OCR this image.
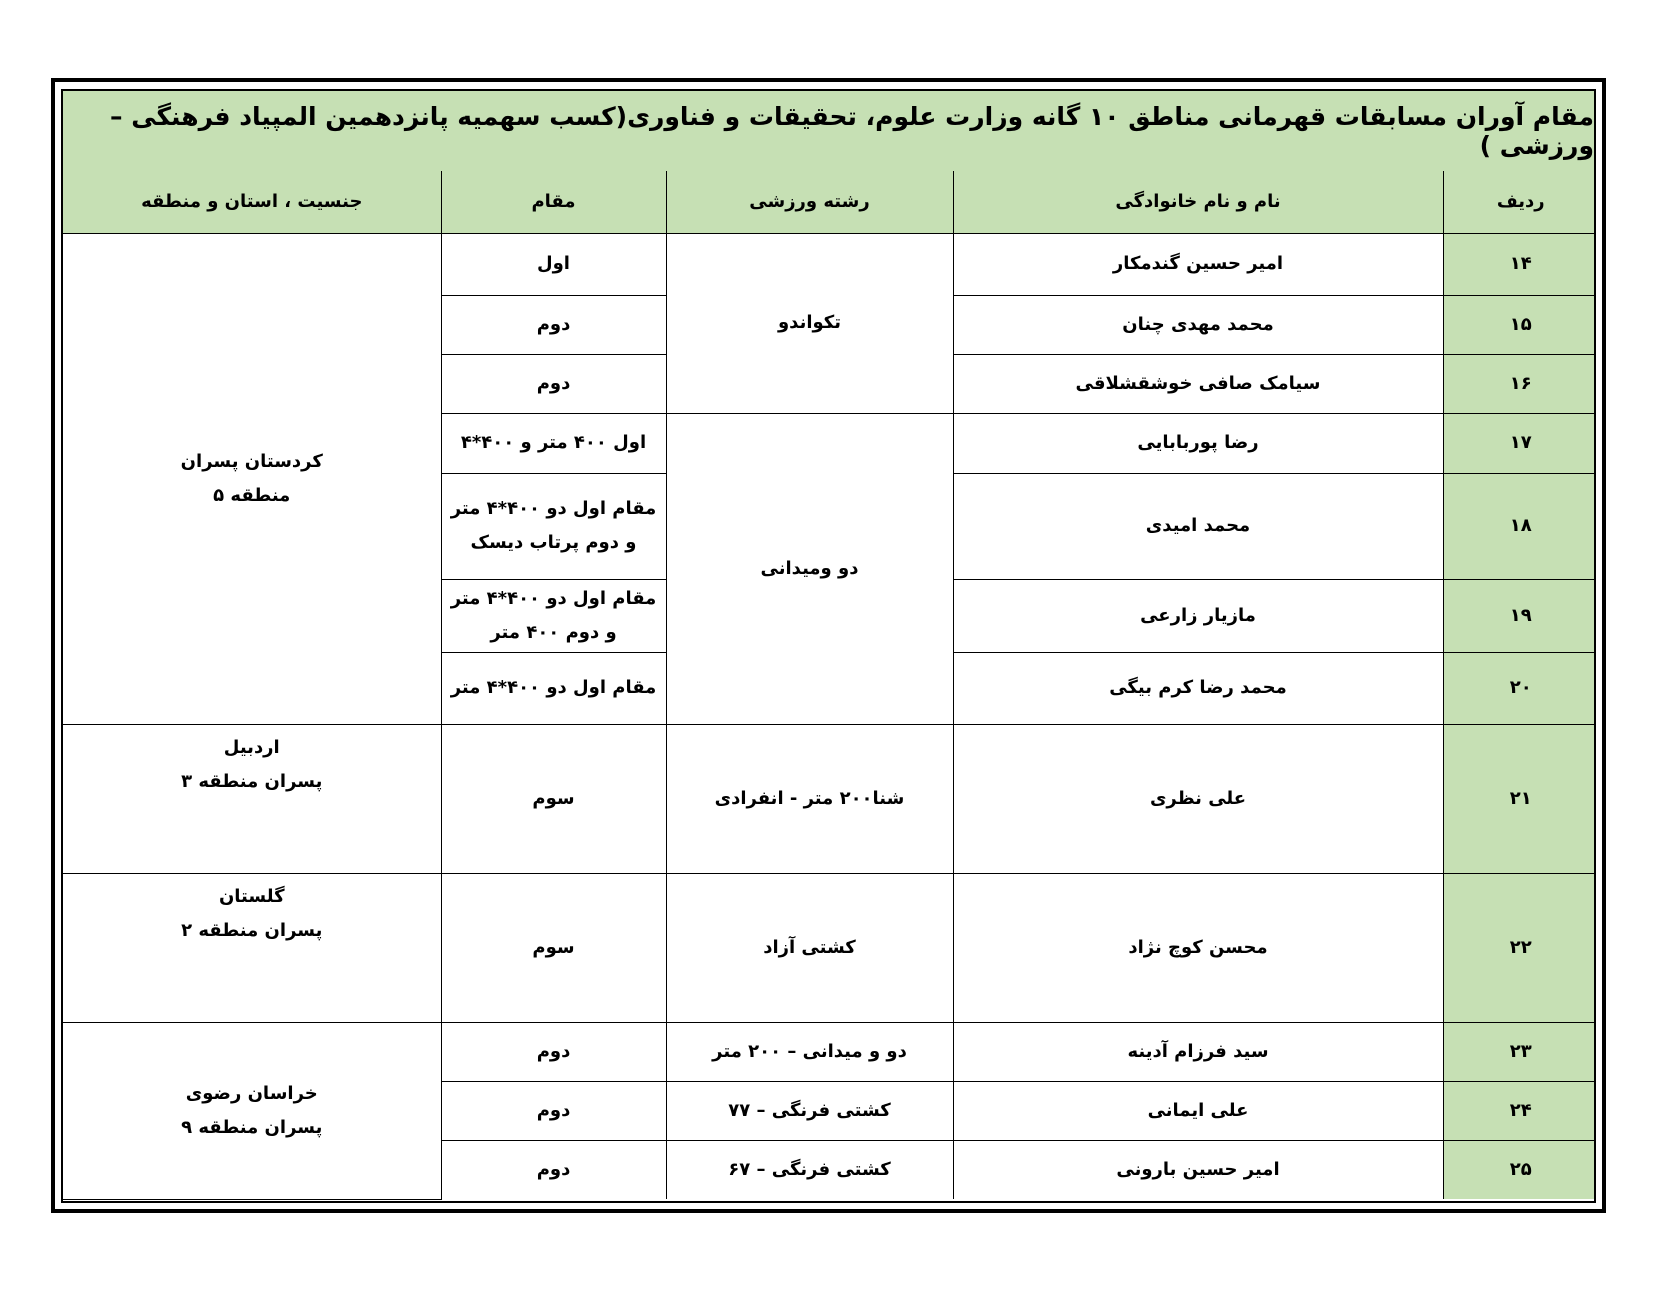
مقام آوران مسابقات قهرمانی مناطق ۱۰ گانه وزارت علوم، تحقیقات و فناوری(کسب سهمیه پانزدهمین المپیاد فرهنگی – ورزشی )
ردیف	نام و نام خانوادگی	رشته ورزشی	مقام	جنسیت ، استان و منطقه
۱۴	امیر حسین گندمکار	تکواندو	اول	کردستان پسران
منطقه ۵

۱۵	محمد مهدی چنان		دوم	
۱۶	سیامک صافی خوشقشلاقی		دوم	
۱۷	رضا پوربابایی	دو ومیدانی	اول ۴۰۰ متر و ۴۰۰*۴	
۱۸	محمد امیدی		مقام اول دو ۴۰۰*۴ متر و دوم پرتاب دیسک	
۱۹	مازیار زارعی		مقام اول دو ۴۰۰*۴ متر و دوم ۴۰۰ متر	
۲۰	محمد رضا کرم بیگی		مقام اول دو ۴۰۰*۴ متر	
۲۱	علی نظری	شنا۲۰۰ متر - انفرادی	سوم	اردبیل
پسران منطقه ۳

۲۲	محسن کوچ نژاد	کشتی آزاد	سوم	گلستان
پسران منطقه ۲

۲۳	سید فرزام آدینه	دو و میدانی – ۲۰۰ متر	دوم	خراسان رضوی
پسران منطقه ۹

۲۴	علی ایمانی	کشتی فرنگی – ۷۷	دوم	
۲۵	امیر حسین بارونی	کشتی فرنگی – ۶۷	دوم	
